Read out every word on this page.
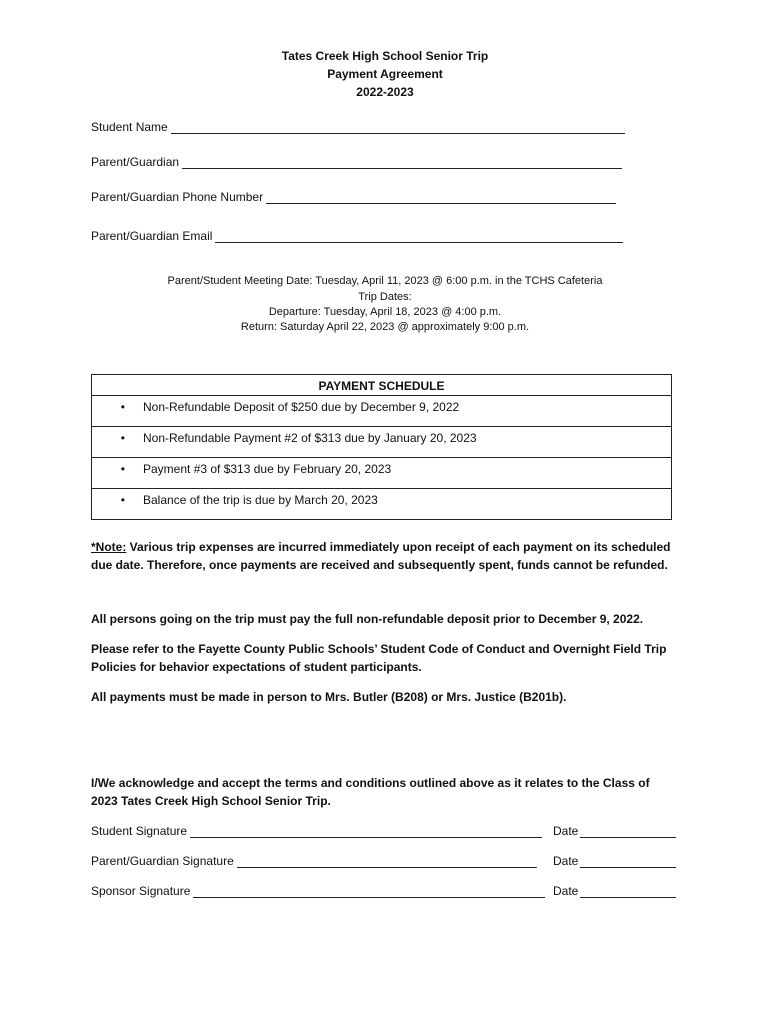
Tates Creek High School Senior Trip
Payment Agreement
2022-2023
Student Name
Parent/Guardian
Parent/Guardian Phone Number
Parent/Guardian Email
Parent/Student Meeting Date: Tuesday, April 11, 2023 @ 6:00 p.m. in the TCHS Cafeteria
Trip Dates:
Departure: Tuesday, April 18, 2023 @ 4:00 p.m.
Return: Saturday April 22, 2023 @ approximately 9:00 p.m.
PAYMENT SCHEDULE

•	Non-Refundable Deposit of $250 due by December 9, 2022

•	Non-Refundable Payment #2 of $313 due by January 20, 2023

•	Payment #3 of $313 due by February 20, 2023

•	Balance of the trip is due by March 20, 2023
*Note: Various trip expenses are incurred immediately upon receipt of each payment on its scheduled
due date. Therefore, once payments are received and subsequently spent, funds cannot be refunded.
All persons going on the trip must pay the full non-refundable deposit prior to December 9, 2022.
Please refer to the Fayette County Public Schools’ Student Code of Conduct and Overnight Field Trip
Policies for behavior expectations of student participants.
All payments must be made in person to Mrs. Butler (B208) or Mrs. Justice (B201b).
I/We acknowledge and accept the terms and conditions outlined above as it relates to the Class of
2023 Tates Creek High School Senior Trip.
Student Signature	Date
Parent/Guardian Signature	Date
Sponsor Signature	Date
